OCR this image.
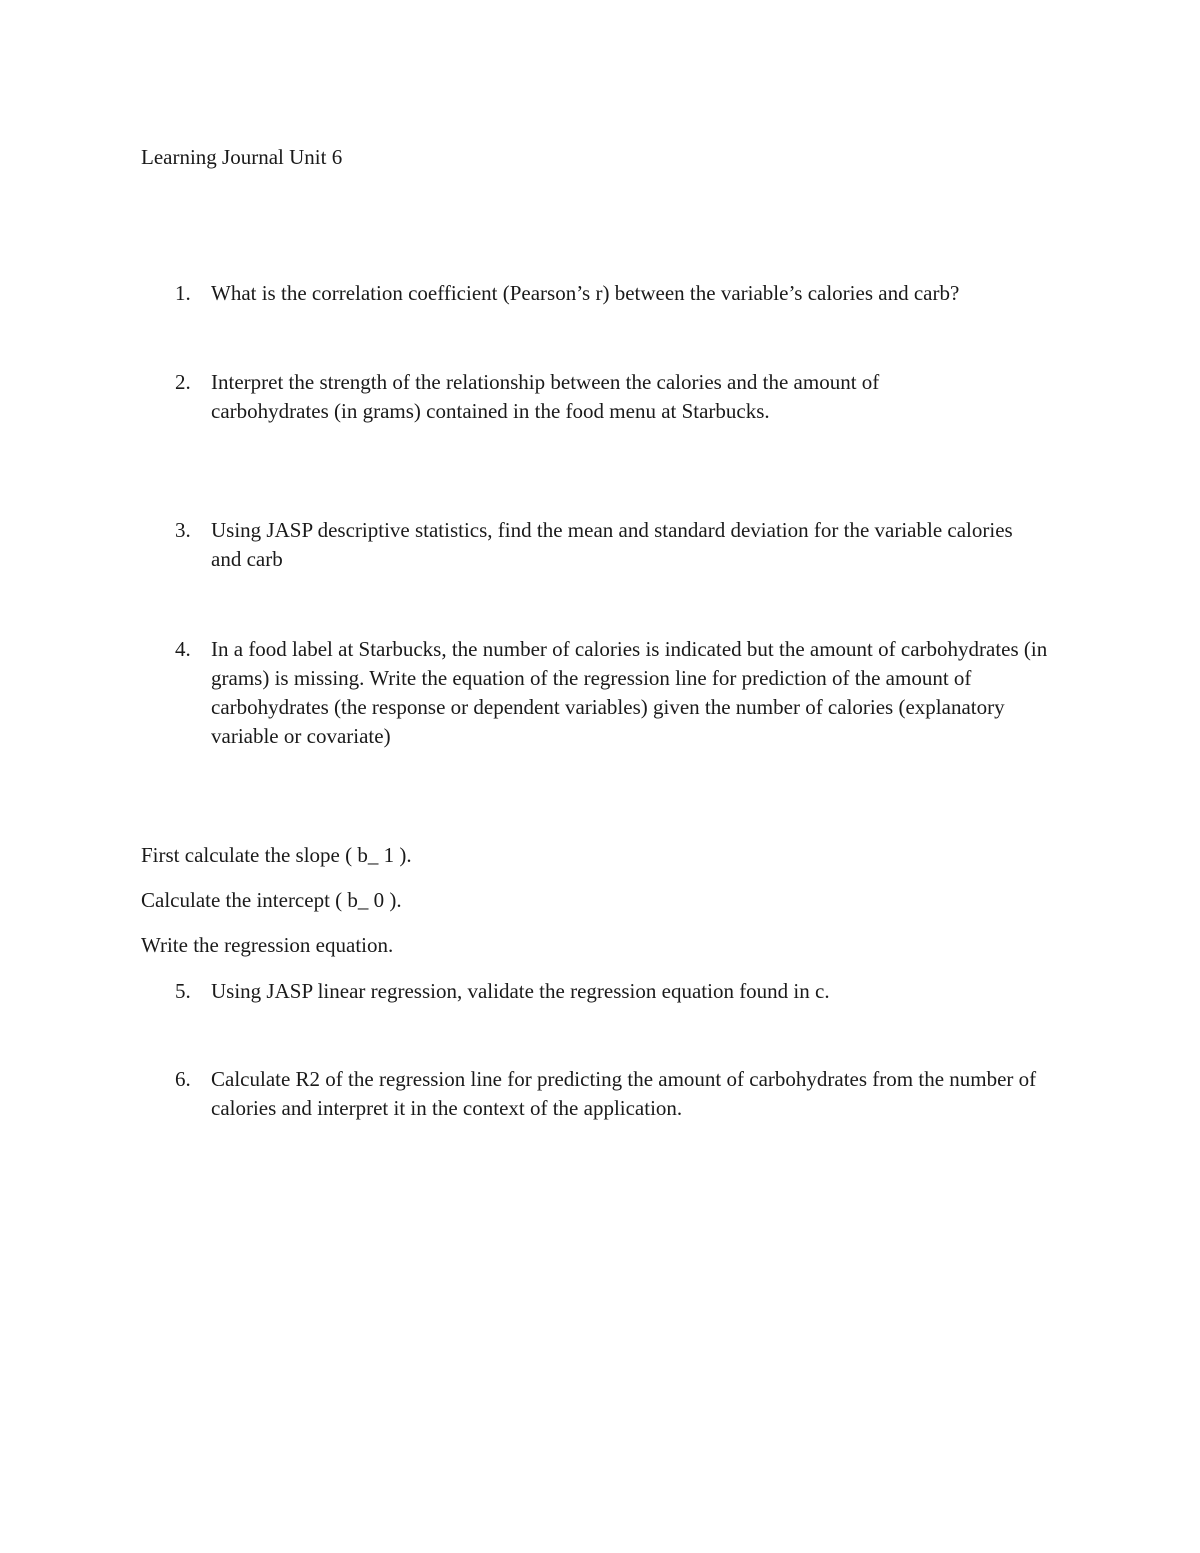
Learning Journal Unit 6
1. What is the correlation coefficient (Pearson’s r) between the variable’s calories and carb?
2. Interpret the strength of the relationship between the calories and the amount of carbohydrates (in grams) contained in the food menu at Starbucks.
3. Using JASP descriptive statistics, find the mean and standard deviation for the variable calories and carb
4. In a food label at Starbucks, the number of calories is indicated but the amount of carbohydrates (in grams) is missing. Write the equation of the regression line for prediction of the amount of carbohydrates (the response or dependent variables) given the number of calories (explanatory variable or covariate)

First calculate the slope ( b_ 1 ).

Calculate the intercept ( b_ 0 ).

Write the regression equation.

5. Using JASP linear regression, validate the regression equation found in c.
6. Calculate R2 of the regression line for predicting the amount of carbohydrates from the number of calories and interpret it in the context of the application.
